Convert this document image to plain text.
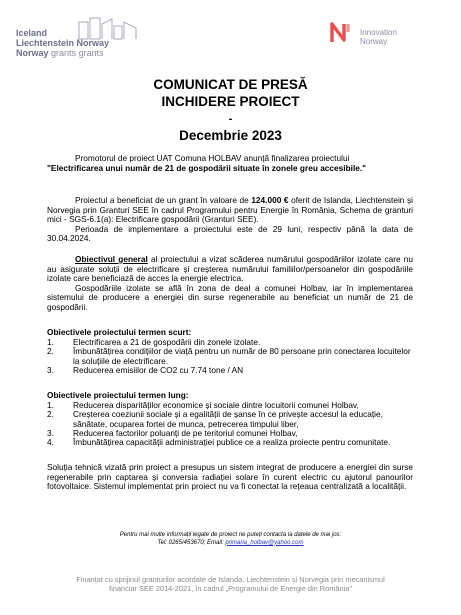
Iceland
Liechtenstein Norway
Norway grants grants
Innovation
Norway
COMUNICAT DE PRESĂ
INCHIDERE PROIECT
-
Decembrie 2023

Promotorul de proiect UAT Comuna HOLBAV anunță finalizarea proiectului
"Electrificarea unui număr de 21 de gospodării situate în zonele greu accesibile."

Proiectul a beneficiat de un grant în valoare de 124.000 € oferit de Islanda, Liechtenstein și Norvegia prin Granturi SEE în cadrul Programului pentru Energie în România, Schema de granturi mici - SGS-6.1(a): Electrificare gospodării (Granturi SEE).
Perioada de implementare a proiectului este de 29 luni, respectiv până la data de 30.04.2024.

Obiectivul general al proiectului a vizat scăderea numărului gospodăriilor izolate care nu au asigurate soluții de electrificare și creșterea numărului familiilor/persoanelor din gospodăriile izolate care beneficiază de acces la energie electrica.
Gospodăriile izolate se află în zona de deal a comunei Holbav, iar în implementarea sistemului de producere a energiei din surse regenerabile au beneficiat un număr de 21 de gospodării.

Obiectivele proiectului termen scurt:
1. Electrificarea a 21 de gospodării din zonele izolate.
2. Îmbunătățirea condițiilor de viață pentru un număr de 80 persoane prin conectarea locuitelor la soluțiile de electrificare.
3. Reducerea emisiilor de CO2 cu 7.74 tone / AN
Obiectivele proiectului termen lung:
1. Reducerea disparităților economice și sociale dintre locuitorii comunei Holbav,
2. Creșterea coeziunii sociale și a egalității de șanse în ce privește accesul la educație, sănătate, ocuparea fortei de munca, petrecerea timpului liber,
3. Reducerea factorilor poluanți de pe teritoriul comunei Holbav,
4. Îmbunătățirea capacității administrației publice ce a realiza proiecte pentru comunitate.

Soluția tehnică vizată prin proiect a presupus un sistem integrat de producere a energiei din surse regenerabile prin captarea și conversia radiației solare în curent electric cu ajutorul panourilor fotovoltaice. Sistemul implementat prin proiect nu va fi conectat la rețeaua centralizată a localității.

Pentru mai multe informații legate de proiect ne puteți contacta la datele de mai jos:
Tel: 0265/453670; Email: primaria_holbav@yahoo.com
Finanțat cu sprijinul granturilor acordate de Islanda, Liechtenstein și Norvegia prin mecanismul
financiar SEE 2014-2021, în cadrul „Programului de Energie din România"
